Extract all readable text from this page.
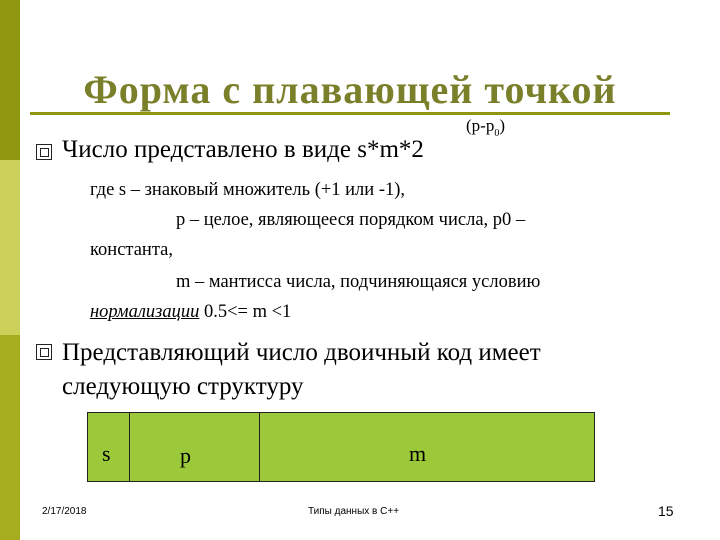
Форма с плавающей точкой
Число представлено в виде s*m*2
$(p-p_0)$
где s – знаковый множитель (+1 или -1),
p – целое, являющееся порядком числа, p0 –
константа,
m – мантисса числа, подчиняющаяся условию
нормализации 0.5<= m <1
Представляющий число двоичный код имеет
следующую структуру
s	p	m
2/17/2018	Типы данных в С++	15
